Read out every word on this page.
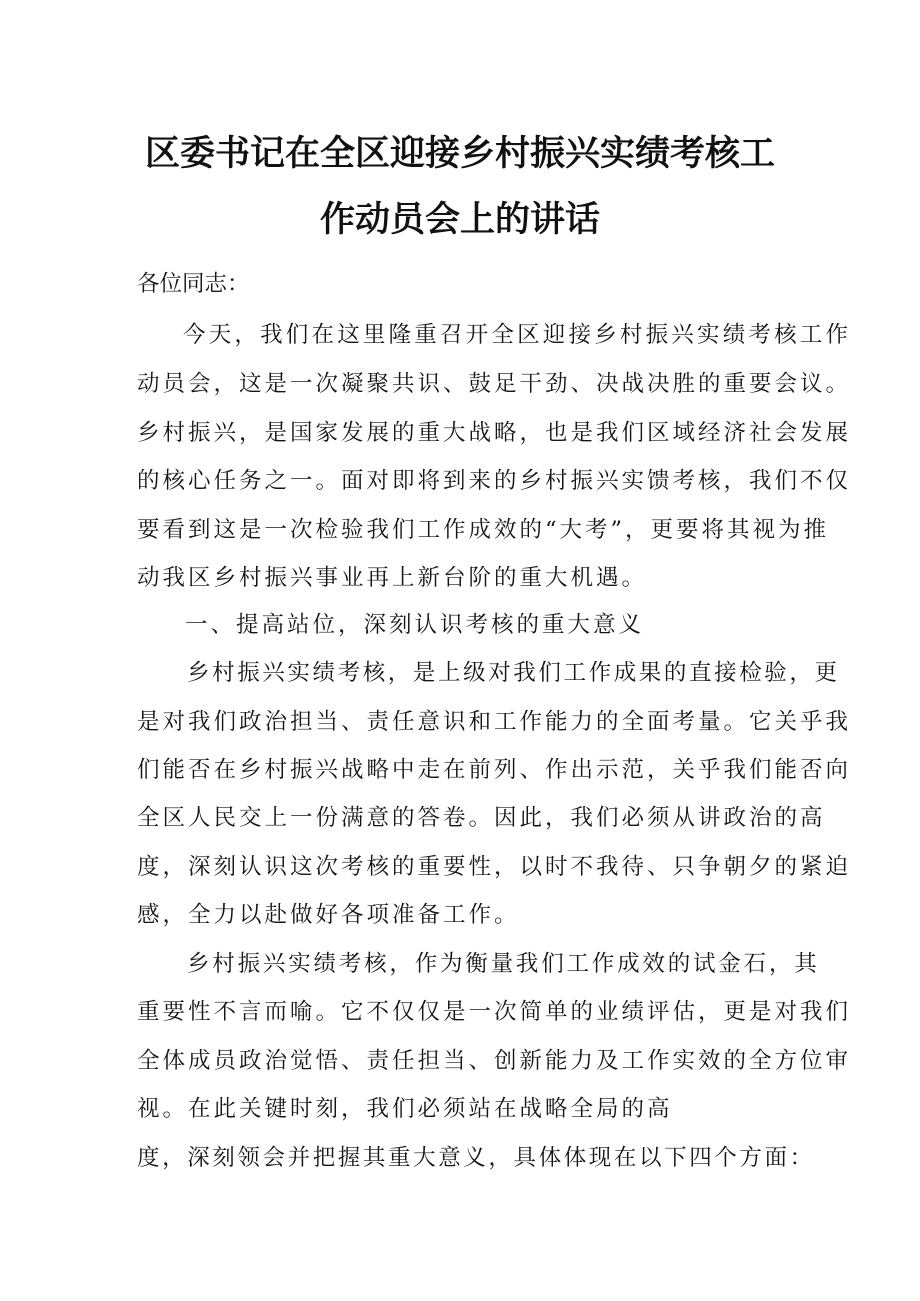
区委书记在全区迎接乡村振兴实绩考核工
作动员会上的讲话
各位同志：
今天，我们在这里隆重召开全区迎接乡村振兴实绩考核工作
动员会，这是一次凝聚共识、鼓足干劲、决战决胜的重要会议。
乡村振兴，是国家发展的重大战略，也是我们区域经济社会发展
的核心任务之一。面对即将到来的乡村振兴实馈考核，我们不仅
要看到这是一次检验我们工作成效的“大考”，更要将其视为推
动我区乡村振兴事业再上新台阶的重大机遇。
一、提高站位，深刻认识考核的重大意义
乡村振兴实绩考核，是上级对我们工作成果的直接检验，更
是对我们政治担当、责任意识和工作能力的全面考量。它关乎我
们能否在乡村振兴战略中走在前列、作出示范，关乎我们能否向
全区人民交上一份满意的答卷。因此，我们必须从讲政治的高
度，深刻认识这次考核的重要性，以时不我待、只争朝夕的紧迫
感，全力以赴做好各项准备工作。
乡村振兴实绩考核，作为衡量我们工作成效的试金石，其
重要性不言而喻。它不仅仅是一次简单的业绩评估，更是对我们
全体成员政治觉悟、责任担当、创新能力及工作实效的全方位审
视。在此关键时刻，我们必须站在战略全局的高
度，深刻领会并把握其重大意义，具体体现在以下四个方面：
